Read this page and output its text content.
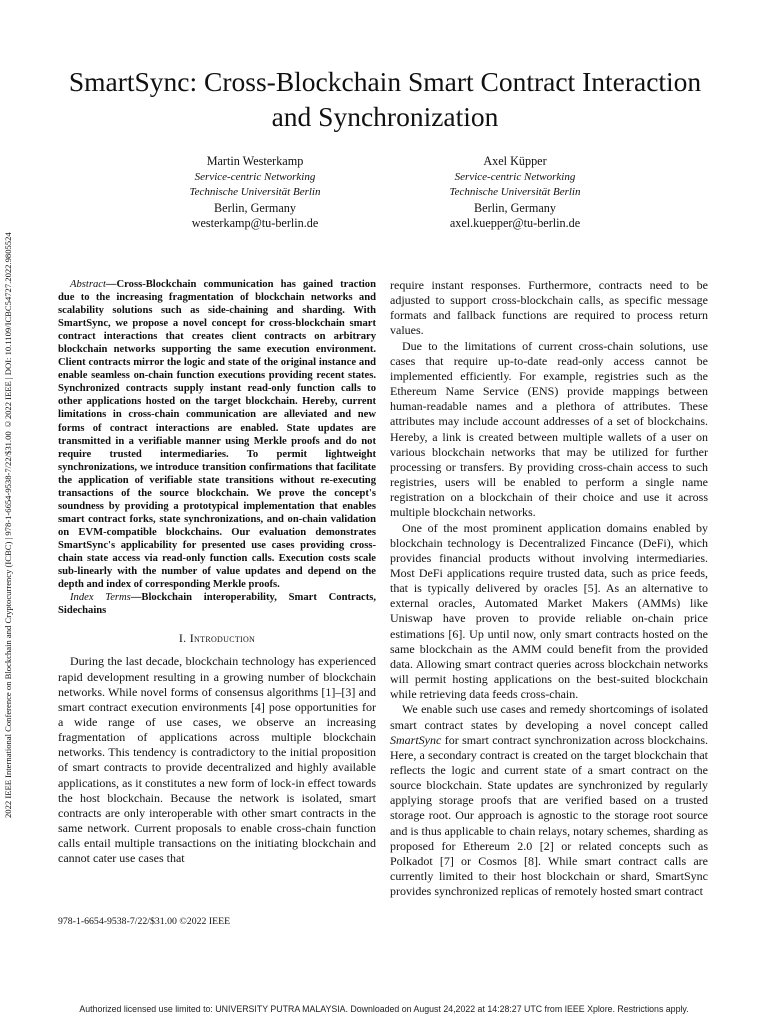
2022 IEEE International Conference on Blockchain and Cryptocurrency (ICBC) | 978-1-6654-9538-7/22/$31.00 ©2022 IEEE | DOI: 10.1109/ICBC54727.2022.9805524
SmartSync: Cross-Blockchain Smart Contract Interaction and Synchronization
Martin Westerkamp
Service-centric Networking
Technische Universität Berlin
Berlin, Germany
westerkamp@tu-berlin.de
Axel Küpper
Service-centric Networking
Technische Universität Berlin
Berlin, Germany
axel.kuepper@tu-berlin.de

Abstract—Cross-Blockchain communication has gained traction due to the increasing fragmentation of blockchain networks and scalability solutions such as side-chaining and sharding. With SmartSync, we propose a novel concept for cross-blockchain smart contract interactions that creates client contracts on arbitrary blockchain networks supporting the same execution environment. Client contracts mirror the logic and state of the original instance and enable seamless on-chain function executions providing recent states. Synchronized contracts supply instant read-only function calls to other applications hosted on the target blockchain. Hereby, current limitations in cross-chain communication are alleviated and new forms of contract interactions are enabled. State updates are transmitted in a verifiable manner using Merkle proofs and do not require trusted intermediaries. To permit lightweight synchronizations, we introduce transition confirmations that facilitate the application of verifiable state transitions without re-executing transactions of the source blockchain. We prove the concept's soundness by providing a prototypical implementation that enables smart contract forks, state synchronizations, and on-chain validation on EVM-compatible blockchains. Our evaluation demonstrates SmartSync's applicability for presented use cases providing cross-chain state access via read-only function calls. Execution costs scale sub-linearly with the number of value updates and depend on the depth and index of corresponding Merkle proofs.

Index Terms—Blockchain interoperability, Smart Contracts, Sidechains

I. Introduction

During the last decade, blockchain technology has experienced rapid development resulting in a growing number of blockchain networks. While novel forms of consensus algorithms [1]–[3] and smart contract execution environments [4] pose opportunities for a wide range of use cases, we observe an increasing fragmentation of applications across multiple blockchain networks. This tendency is contradictory to the initial proposition of smart contracts to provide decentralized and highly available applications, as it constitutes a new form of lock-in effect towards the host blockchain. Because the network is isolated, smart contracts are only interoperable with other smart contracts in the same network. Current proposals to enable cross-chain function calls entail multiple transactions on the initiating blockchain and cannot cater use cases that

require instant responses. Furthermore, contracts need to be adjusted to support cross-blockchain calls, as specific message formats and fallback functions are required to process return values.

Due to the limitations of current cross-chain solutions, use cases that require up-to-date read-only access cannot be implemented efficiently. For example, registries such as the Ethereum Name Service (ENS) provide mappings between human-readable names and a plethora of attributes. These attributes may include account addresses of a set of blockchains. Hereby, a link is created between multiple wallets of a user on various blockchain networks that may be utilized for further processing or transfers. By providing cross-chain access to such registries, users will be enabled to perform a single name registration on a blockchain of their choice and use it across multiple blockchain networks.

One of the most prominent application domains enabled by blockchain technology is Decentralized Fincance (DeFi), which provides financial products without involving intermediaries. Most DeFi applications require trusted data, such as price feeds, that is typically delivered by oracles [5]. As an alternative to external oracles, Automated Market Makers (AMMs) like Uniswap have proven to provide reliable on-chain price estimations [6]. Up until now, only smart contracts hosted on the same blockchain as the AMM could benefit from the provided data. Allowing smart contract queries across blockchain networks will permit hosting applications on the best-suited blockchain while retrieving data feeds cross-chain.

We enable such use cases and remedy shortcomings of isolated smart contract states by developing a novel concept called SmartSync for smart contract synchronization across blockchains. Here, a secondary contract is created on the target blockchain that reflects the logic and current state of a smart contract on the source blockchain. State updates are synchronized by regularly applying storage proofs that are verified based on a trusted storage root. Our approach is agnostic to the storage root source and is thus applicable to chain relays, notary schemes, sharding as proposed for Ethereum 2.0 [2] or related concepts such as Polkadot [7] or Cosmos [8]. While smart contract calls are currently limited to their host blockchain or shard, SmartSync provides synchronized replicas of remotely hosted smart contract

978-1-6654-9538-7/22/$31.00 ©2022 IEEE
Authorized licensed use limited to: UNIVERSITY PUTRA MALAYSIA. Downloaded on August 24,2022 at 14:28:27 UTC from IEEE Xplore. Restrictions apply.
